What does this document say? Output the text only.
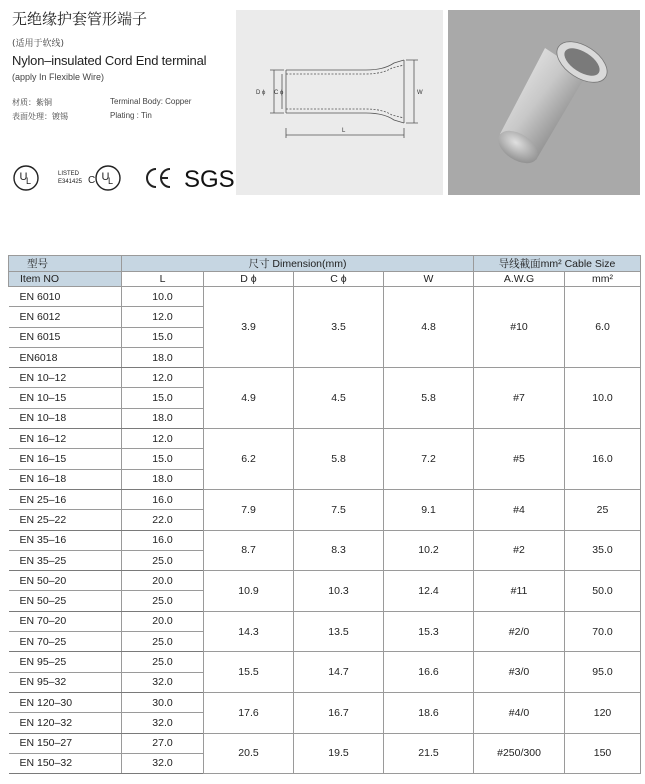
无绝缘护套管形端子
(适用于软线)
Nylon–insulated Cord End terminal
(apply In Flexible Wire)
材质：紫铜
表面处理：镀锡
Terminal Body: Copper
Plating : Tin
U
L
LISTED
E341425 C U
L	SGS
D ϕ C ϕ	W
L
型号	尺寸 Dimension(mm)				导线截面mm² Cable Size	
Item NO	L	D ϕ	C ϕ	W	A.W.G	mm²
EN 6010	10.0	3.9	3.5	4.8	#10	6.0
EN 6012	12.0					
EN 6015	15.0					
EN6018	18.0					
EN 10–12	12.0	4.9	4.5	5.8	#7	10.0
EN 10–15	15.0					
EN 10–18	18.0					
EN 16–12	12.0	6.2	5.8	7.2	#5	16.0
EN 16–15	15.0					
EN 16–18	18.0					
EN 25–16	16.0	7.9	7.5	9.1	#4	25
EN 25–22	22.0					
EN 35–16	16.0	8.7	8.3	10.2	#2	35.0
EN 35–25	25.0					
EN 50–20	20.0	10.9	10.3	12.4	#11	50.0
EN 50–25	25.0					
EN 70–20	20.0	14.3	13.5	15.3	#2/0	70.0
EN 70–25	25.0					
EN 95–25	25.0	15.5	14.7	16.6	#3/0	95.0
EN 95–32	32.0					
EN 120–30	30.0	17.6	16.7	18.6	#4/0	120
EN 120–32	32.0					
EN 150–27	27.0	20.5	19.5	21.5	#250/300	150
EN 150–32	32.0					
